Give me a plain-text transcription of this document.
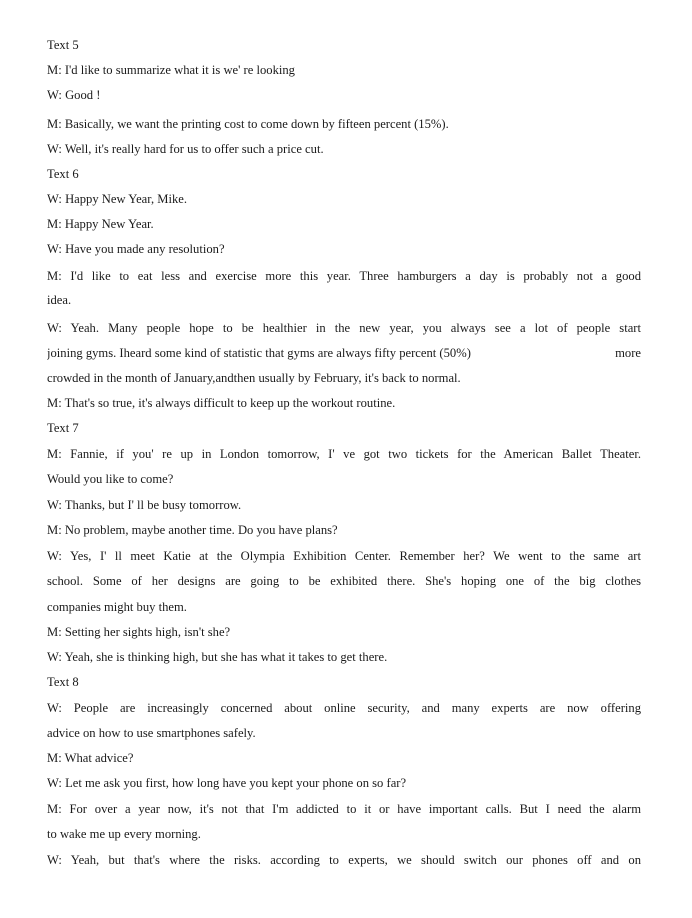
Text 5
M: I'd like to summarize what it is we' re looking
W: Good !
M: Basically, we want the printing cost to come down by fifteen percent (15%).
W: Well, it's really hard for us to offer such a price cut.
Text 6
W: Happy New Year, Mike.
M: Happy New Year.
W: Have you made any resolution?
M: I'd like to eat less and exercise more this year. Three hamburgers a day is probably not a good
idea.
W: Yeah. Many people hope to be healthier in the new year, you always see a lot of people start
joining gyms. Iheard some kind of statistic that gyms are always fifty percent (50%)	more
crowded in the month of January,andthen usually by February, it's back to normal.
M: That's so true, it's always difficult to keep up the workout routine.
Text 7
M: Fannie, if you' re up in London tomorrow, I' ve got two tickets for the American Ballet Theater.
Would you like to come?
W: Thanks, but I' ll be busy tomorrow.
M: No problem, maybe another time. Do you have plans?
W: Yes, I' ll meet Katie at the Olympia Exhibition Center. Remember her? We went to the same art
school. Some of her designs are going to be exhibited there. She's hoping one of the big clothes
companies might buy them.
M: Setting her sights high, isn't she?
W: Yeah, she is thinking high, but she has what it takes to get there.
Text 8
W: People are increasingly concerned about online security, and many experts are now offering
advice on how to use smartphones safely.
M: What advice?
W: Let me ask you first, how long have you kept your phone on so far?
M: For over a year now, it's not that I'm addicted to it or have important calls. But I need the alarm
to wake me up every morning.
W: Yeah, but that's where the risks. according to experts, we should switch our phones off and on
